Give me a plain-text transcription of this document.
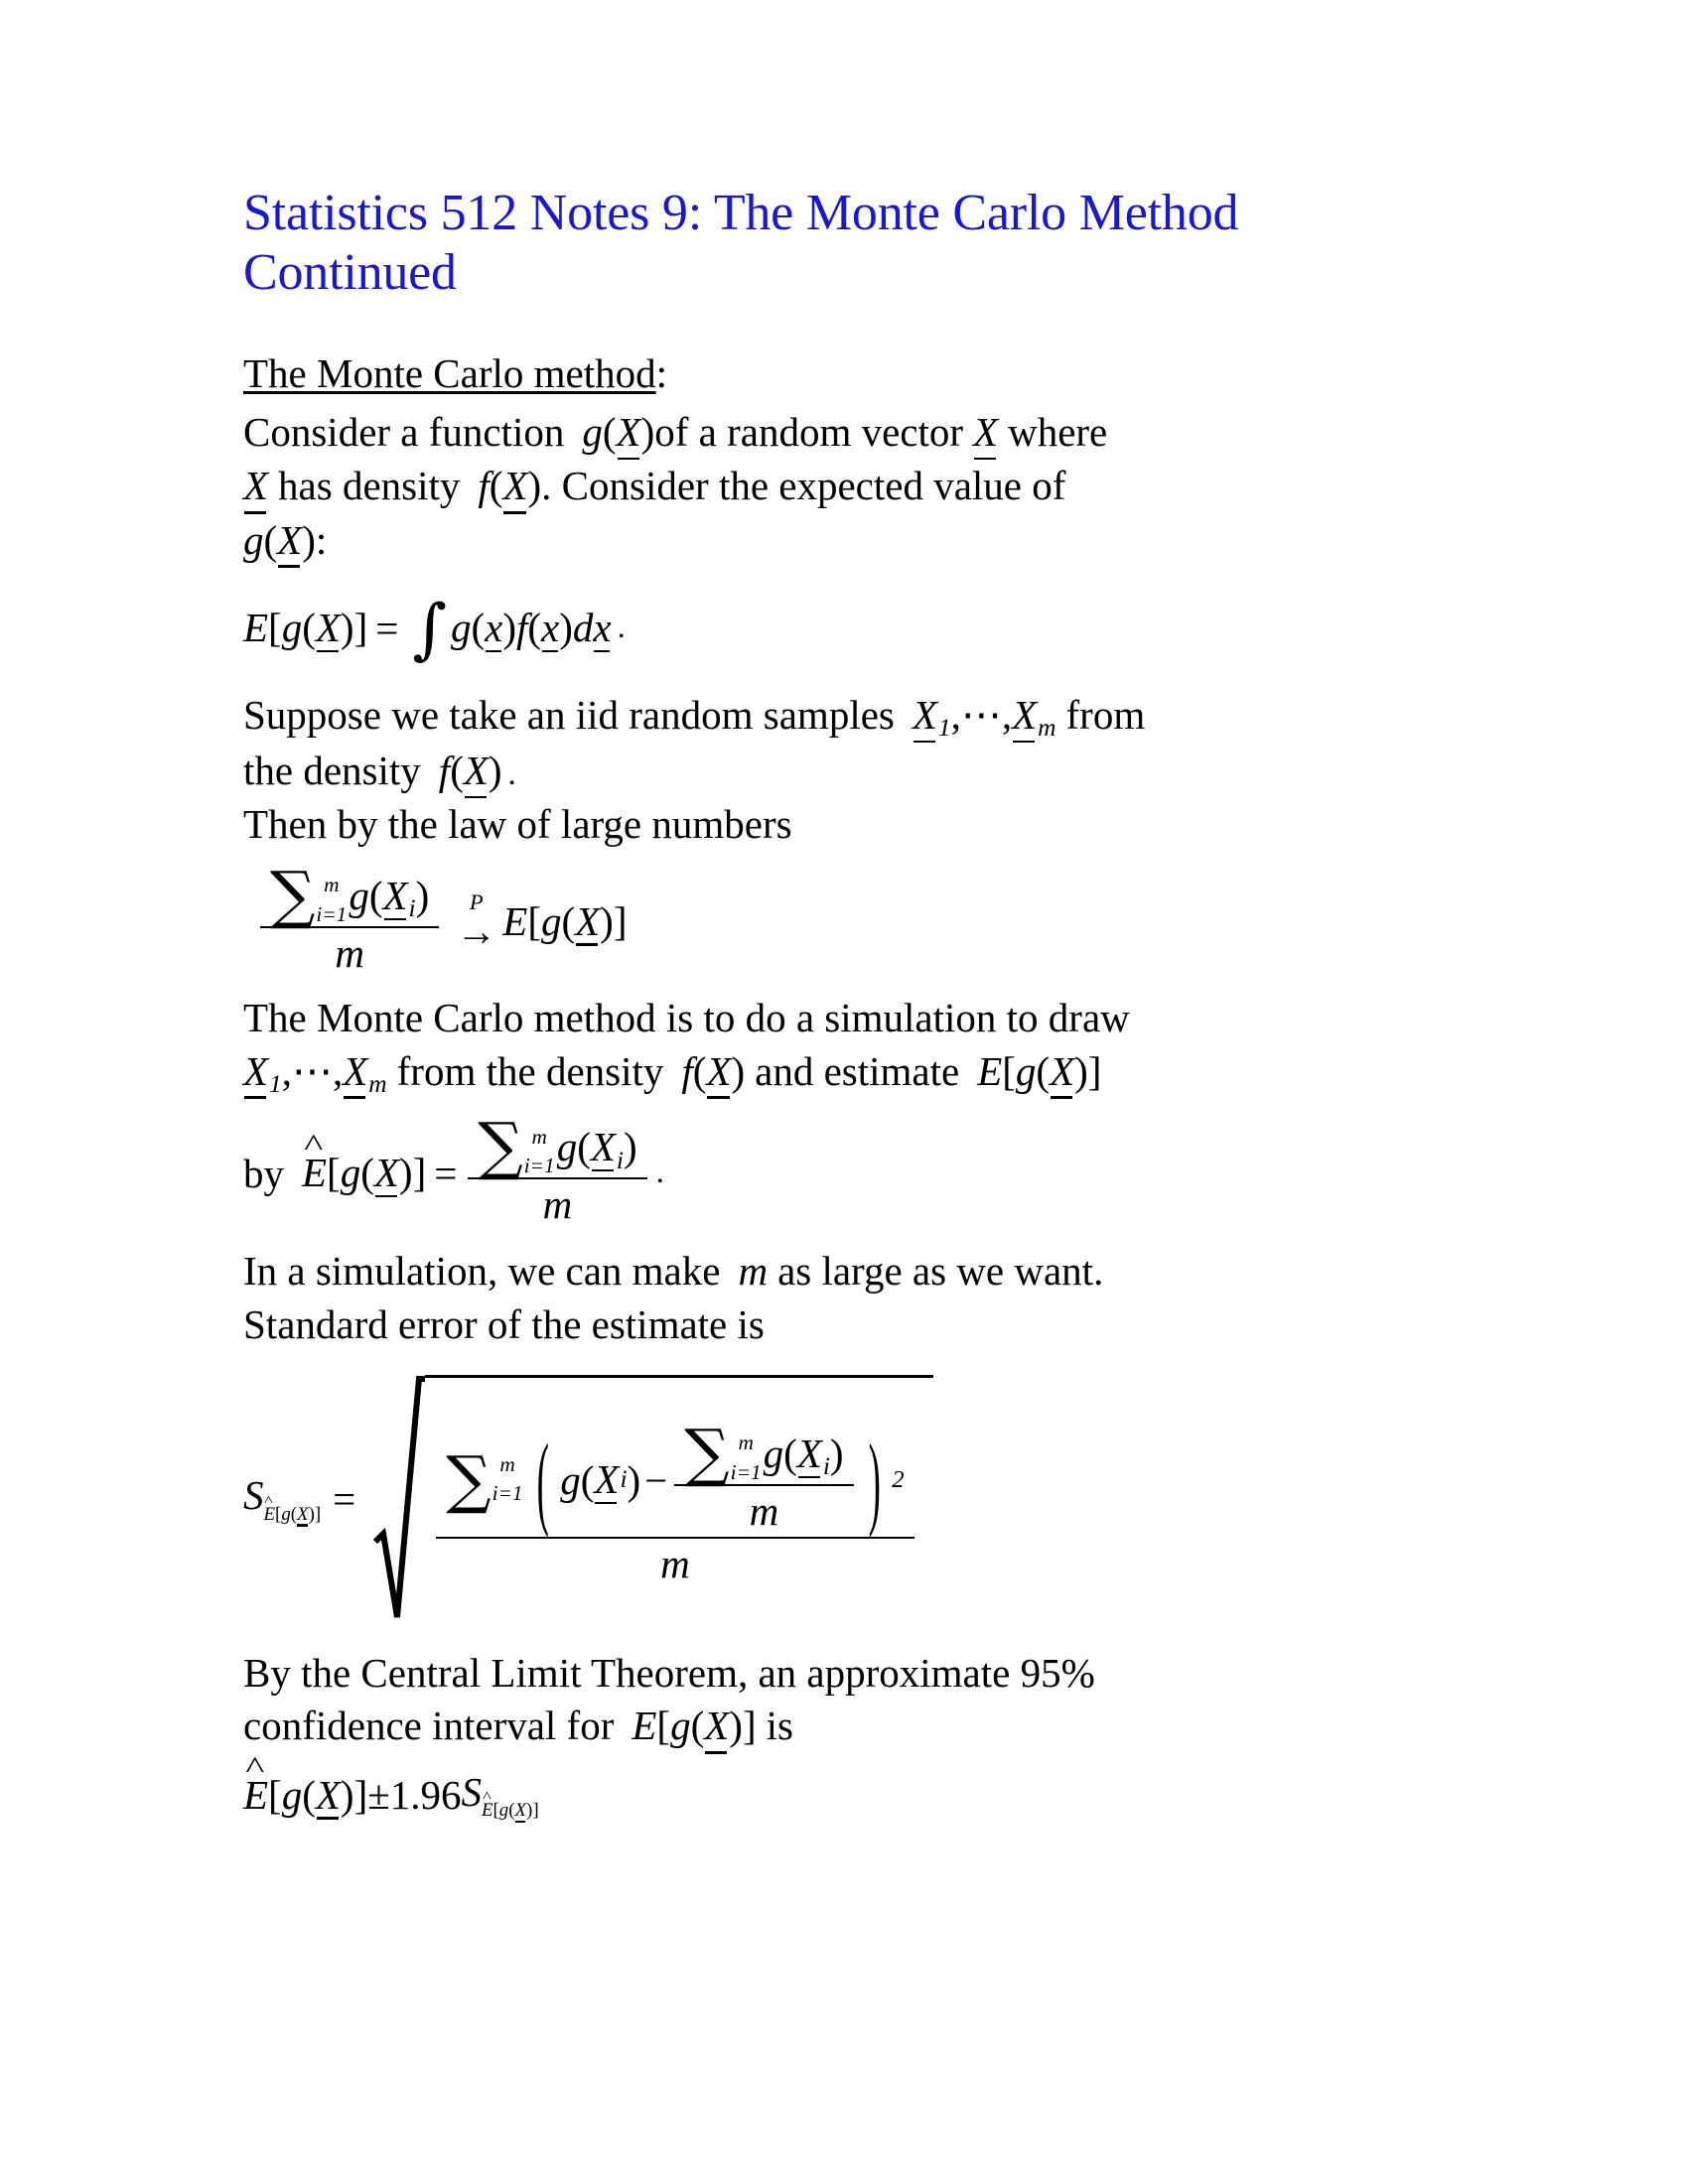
Statistics 512 Notes 9: The Monte Carlo Method
Continued

The Monte Carlo method:

Consider a function g(X)of a random vector X where

X has density f(X). Consider the expected value of

g(X):

E[g(X)] = ∫ g(x)f(x)dx .

Suppose we take an iid random samples X1,⋯,Xm from

the density f(X) .

Then by the law of large numbers

∑ m
i=1 g(Xi)
m P
→ E[g(X)]

The Monte Carlo method is to do a simulation to draw

X1,⋯,Xm from the density f(X) and estimate E[g(X)]

by ^ E[g(X)] = ∑ m
i=1 g(Xi)
m .

In a simulation, we can make m as large as we want.

Standard error of the estimate is

S^ E[g(X)] = ∑ m
i=1 ( g ( X i ) − ∑ m
i=1 g(Xi)
m ) 2
m

By the Central Limit Theorem, an approximate 95%

confidence interval for E[g(X)] is

^ E[g(X)] ± 1.96 S^ E[g(X)]
